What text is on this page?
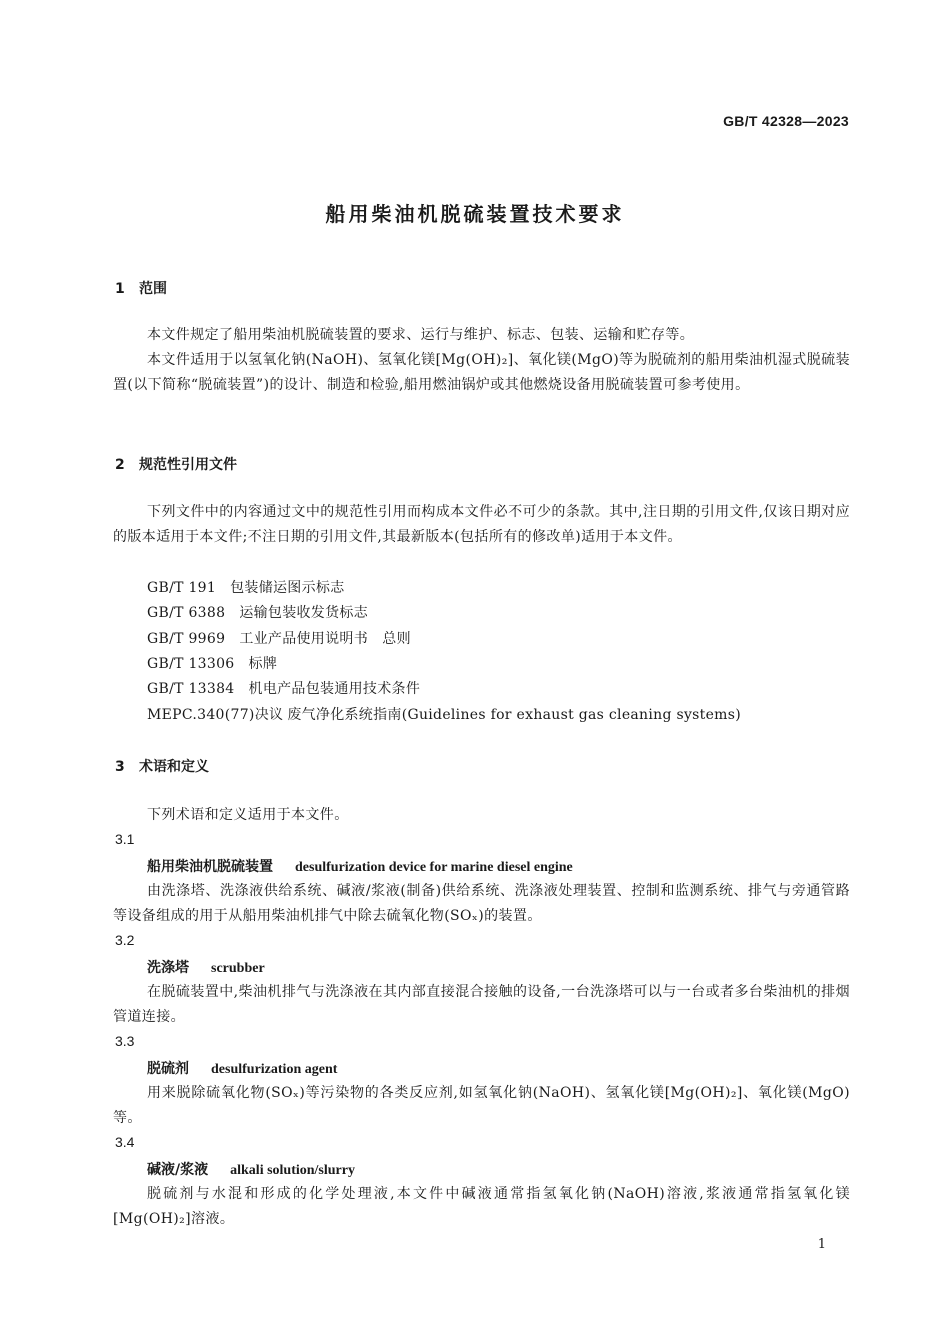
GB/T 42328—2023
船用柴油机脱硫装置技术要求
1 范围
本文件规定了船用柴油机脱硫装置的要求、运行与维护、标志、包装、运输和贮存等。
本文件适用于以氢氧化钠(NaOH)、氢氧化镁[Mg(OH)₂]、氧化镁(MgO)等为脱硫剂的船用柴油机湿式脱硫装置(以下简称“脱硫装置”)的设计、制造和检验,船用燃油锅炉或其他燃烧设备用脱硫装置可参考使用。
2 规范性引用文件
下列文件中的内容通过文中的规范性引用而构成本文件必不可少的条款。其中,注日期的引用文件,仅该日期对应的版本适用于本文件;不注日期的引用文件,其最新版本(包括所有的修改单)适用于本文件。
GB/T 191 包装储运图示标志
GB/T 6388 运输包装收发货标志
GB/T 9969 工业产品使用说明书　总则
GB/T 13306 标牌
GB/T 13384 机电产品包装通用技术条件
MEPC.340(77)决议 废气净化系统指南(Guidelines for exhaust gas cleaning systems)
3 术语和定义
下列术语和定义适用于本文件。
3.1
船用柴油机脱硫装置 desulfurization device for marine diesel engine
由洗涤塔、洗涤液供给系统、碱液/浆液(制备)供给系统、洗涤液处理装置、控制和监测系统、排气与旁通管路等设备组成的用于从船用柴油机排气中除去硫氧化物(SOₓ)的装置。
3.2
洗涤塔 scrubber
在脱硫装置中,柴油机排气与洗涤液在其内部直接混合接触的设备,一台洗涤塔可以与一台或者多台柴油机的排烟管道连接。
3.3
脱硫剂 desulfurization agent
用来脱除硫氧化物(SOₓ)等污染物的各类反应剂,如氢氧化钠(NaOH)、氢氧化镁[Mg(OH)₂]、氧化镁(MgO)等。
3.4
碱液/浆液 alkali solution/slurry
脱硫剂与水混和形成的化学处理液,本文件中碱液通常指氢氧化钠(NaOH)溶液,浆液通常指氢氧化镁[Mg(OH)₂]溶液。
1
